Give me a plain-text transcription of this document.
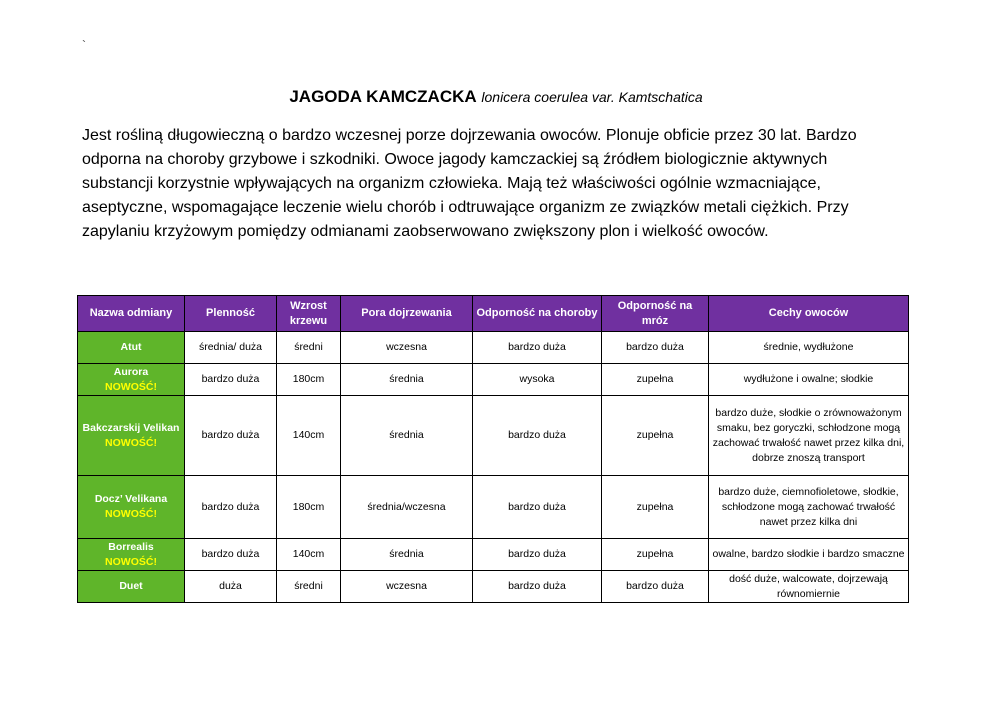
`
JAGODA KAMCZACKA lonicera coerulea var. Kamtschatica
Jest rośliną długowieczną o bardzo wczesnej porze dojrzewania owoców. Plonuje obficie przez 30 lat. Bardzo odporna na choroby grzybowe i szkodniki. Owoce jagody kamczackiej są źródłem biologicznie aktywnych substancji korzystnie wpływających na organizm człowieka. Mają też właściwości ogólnie wzmacniające, aseptyczne, wspomagające leczenie wielu chorób i odtruwające organizm ze związków metali ciężkich. Przy zapylaniu krzyżowym pomiędzy odmianami zaobserwowano zwiększony plon i wielkość owoców.
Nazwa odmiany	Plenność	Wzrost krzewu	Pora dojrzewania	Odporność na choroby	Odporność na mróz	Cechy owoców

Atut	średnia/ duża	średni	wczesna	bardzo duża	bardzo duża	średnie, wydłużone

Aurora
NOWOŚĆ!	bardzo duża	180cm	średnia	wysoka	zupełna	wydłużone i owalne; słodkie

Bakczarskij Velikan
NOWOŚĆ!	bardzo duża	140cm	średnia	bardzo duża	zupełna	bardzo duże, słodkie o zrównoważonym smaku, bez goryczki, schłodzone mogą zachować trwałość nawet przez kilka dni, dobrze znoszą transport

Docz’ Velikana
NOWOŚĆ!	bardzo duża	180cm	średnia/wczesna	bardzo duża	zupełna	bardzo duże, ciemnofioletowe, słodkie, schłodzone mogą zachować trwałość nawet przez kilka dni

Borrealis
NOWOŚĆ!	bardzo duża	140cm	średnia	bardzo duża	zupełna	owalne, bardzo słodkie i bardzo smaczne

Duet	duża	średni	wczesna	bardzo duża	bardzo duża	dość duże, walcowate, dojrzewają równomiernie
